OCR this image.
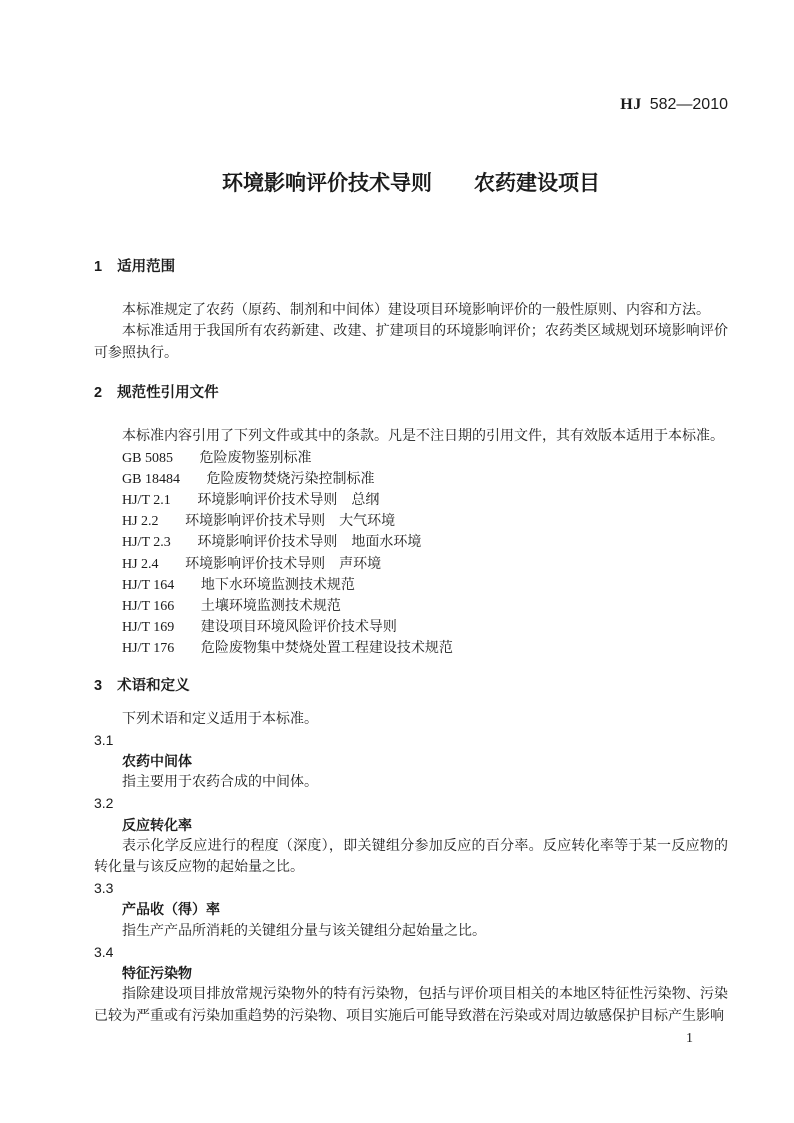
HJ 582—2010
环境影响评价技术导则　　农药建设项目
1 适用范围

本标准规定了农药（原药、制剂和中间体）建设项目环境影响评价的一般性原则、内容和方法。

本标准适用于我国所有农药新建、改建、扩建项目的环境影响评价；农药类区域规划环境影响评价可参照执行。

2 规范性引用文件

本标准内容引用了下列文件或其中的条款。凡是不注日期的引用文件，其有效版本适用于本标准。

GB 5085 危险废物鉴别标准
GB 18484 危险废物焚烧污染控制标准
HJ/T 2.1 环境影响评价技术导则　总纲
HJ 2.2 环境影响评价技术导则　大气环境
HJ/T 2.3 环境影响评价技术导则　地面水环境
HJ 2.4 环境影响评价技术导则　声环境
HJ/T 164 地下水环境监测技术规范
HJ/T 166 土壤环境监测技术规范
HJ/T 169 建设项目环境风险评价技术导则
HJ/T 176 危险废物集中焚烧处置工程建设技术规范
3 术语和定义

下列术语和定义适用于本标准。

3.1
农药中间体

指主要用于农药合成的中间体。

3.2
反应转化率

表示化学反应进行的程度（深度），即关键组分参加反应的百分率。反应转化率等于某一反应物的转化量与该反应物的起始量之比。

3.3
产品收（得）率

指生产产品所消耗的关键组分量与该关键组分起始量之比。

3.4
特征污染物

指除建设项目排放常规污染物外的特有污染物，包括与评价项目相关的本地区特征性污染物、污染已较为严重或有污染加重趋势的污染物、项目实施后可能导致潜在污染或对周边敏感保护目标产生影响

1
